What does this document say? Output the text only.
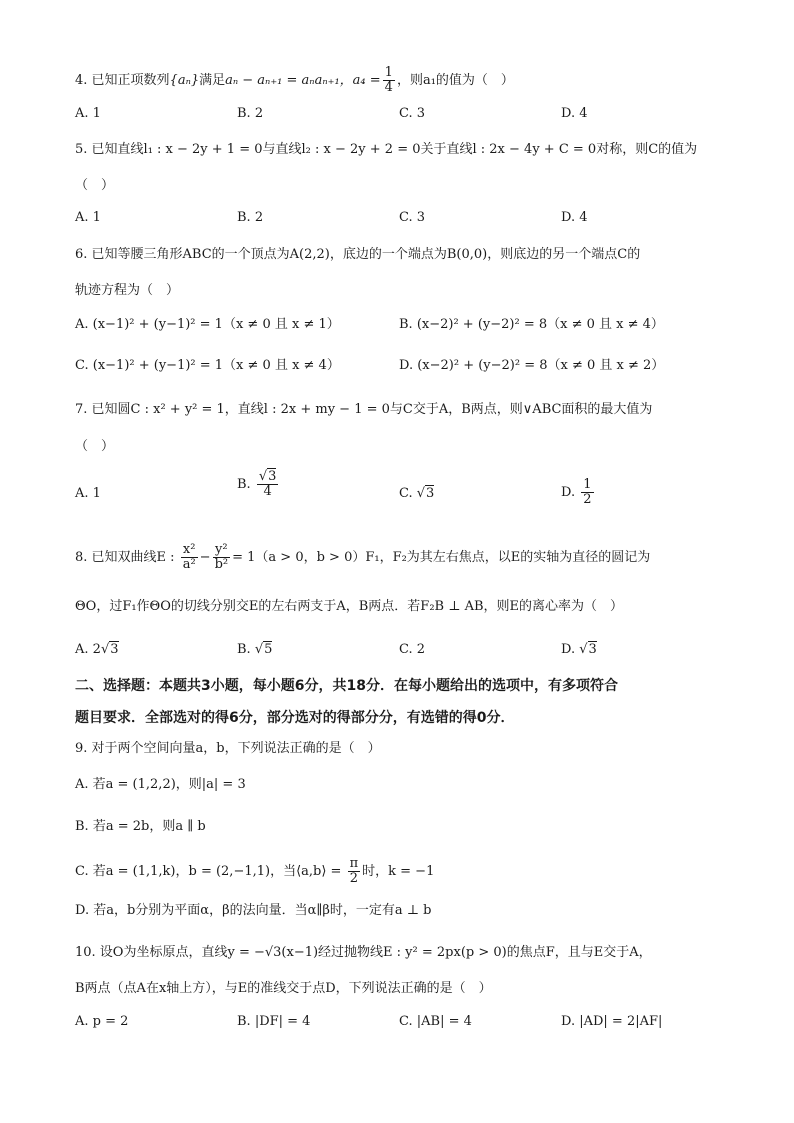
4. 已知正项数列{aₙ}满足aₙ − aₙ₊₁ = aₙaₙ₊₁，$a_4 = \frac{1}{4}$ ，则a₁的值为（　）
A. 1	B. 2	C. 3	D. 4
5. 已知直线l₁ : x − 2y + 1 = 0与直线l₂ : x − 2y + 2 = 0关于直线l : 2x − 4y + C = 0对称，则C的值为
（　）
A. 1	B. 2	C. 3	D. 4
6. 已知等腰三角形ABC的一个顶点为A(2,2)，底边的一个端点为B(0,0)，则底边的另一个端点C的
轨迹方程为（　）
A. (x−1)² + (y−1)² = 1（x ≠ 0 且 x ≠ 1）	B. (x−2)² + (y−2)² = 8（x ≠ 0 且 x ≠ 4）
C. (x−1)² + (y−1)² = 1（x ≠ 0 且 x ≠ 4）	D. (x−2)² + (y−2)² = 8（x ≠ 0 且 x ≠ 2）
7. 已知圆C : x² + y² = 1，直线l : 2x + my − 1 = 0与C交于A，B两点，则∨ABC面积的最大值为
（　）
A. 1
B. $\frac{√3}{4}$	C. √3	D. $\frac{1}{2}$
8. 已知双曲线E : $\frac{\text{x²}}{\text{a²}} - \frac{\text{y²}}{\text{b²}} = 1(a > 0$，b > 0）F₁，F₂为其左右焦点，以E的实轴为直径的圆记为
ΘO，过F₁作ΘO的切线分别交E的左右两支于A，B两点．若F₂B ⊥ AB，则E的离心率为（　）
A. 2√3	B. √5	C. 2	D. √3
二、选择题：本题共3小题，每小题6分，共18分．在每小题给出的选项中，有多项符合
题目要求．全部选对的得6分，部分选对的得部分分，有选错的得0分．
9. 对于两个空间向量a，b，下列说法正确的是（　）
A. 若a = (1,2,2)，则|a| = 3
B. 若a = 2b，则a ∥ b
C. 若a = (1,1,k)，b = (2,−1,1)，当⟨a,b⟩ = $\frac{\pi}{2}$ 时，k = −1
D. 若a，b分别为平面α，β的法向量．当α∥β时，一定有a ⊥ b
10. 设O为坐标原点，直线y = −√3(x−1)经过抛物线E : y² = 2px(p > 0)的焦点F，且与E交于A，
B两点（点A在x轴上方），与E的准线交于点D，下列说法正确的是（　）
A. p = 2	B. |DF| = 4	C. |AB| = 4	D. |AD| = 2|AF|
